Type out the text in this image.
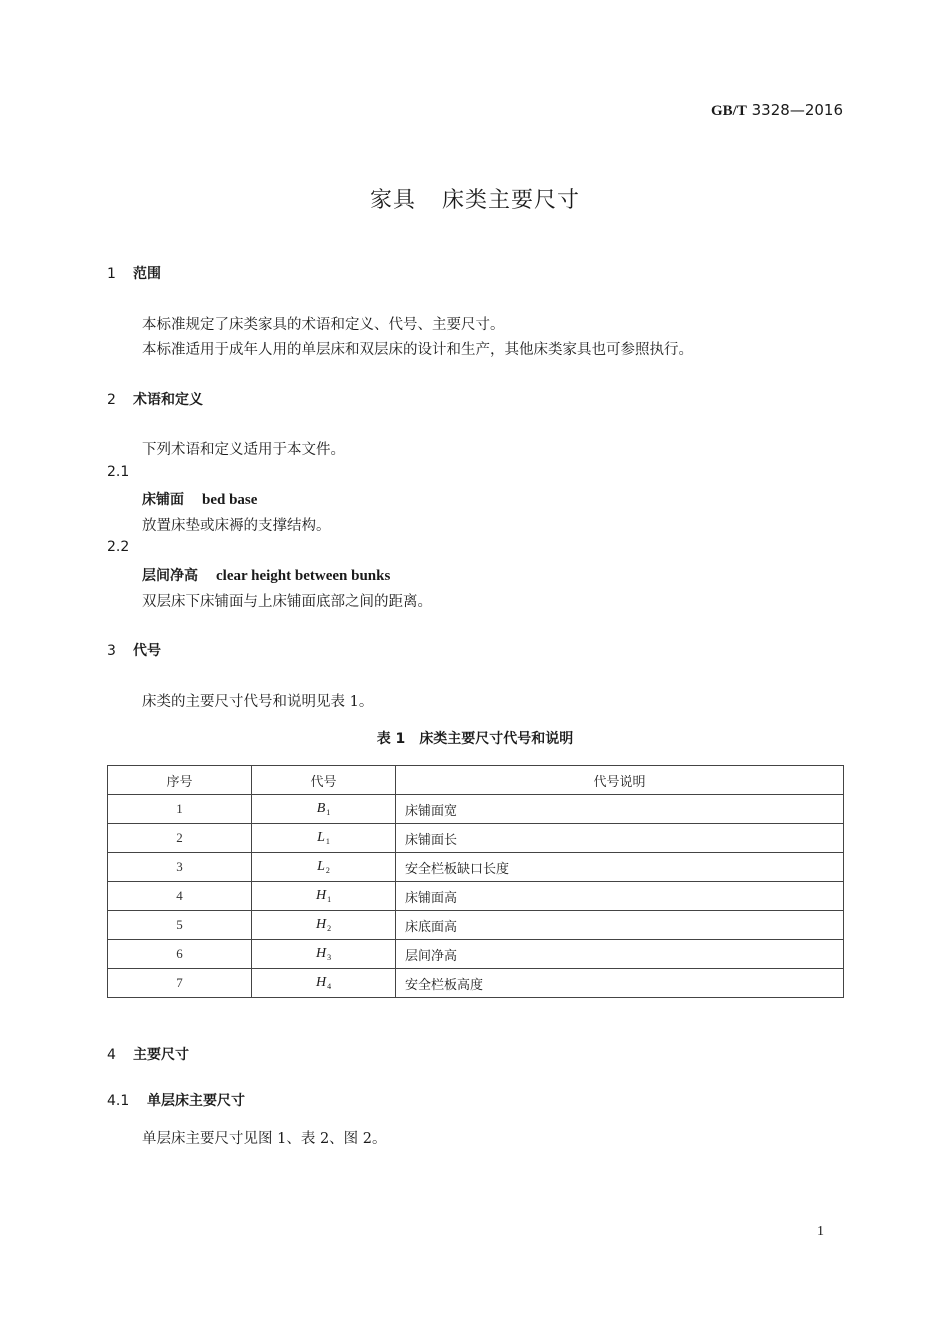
GB/T 3328—2016
家具 床类主要尺寸
1 范围
本标准规定了床类家具的术语和定义、代号、主要尺寸。
本标准适用于成年人用的单层床和双层床的设计和生产，其他床类家具也可参照执行。
2 术语和定义
下列术语和定义适用于本文件。
2.1
床铺面 bed base
放置床垫或床褥的支撑结构。
2.2
层间净高 clear height between bunks
双层床下床铺面与上床铺面底部之间的距离。
3 代号
床类的主要尺寸代号和说明见表 1。
表 1 床类主要尺寸代号和说明
序号	代号	代号说明
1	$B_1$	床铺面宽
2	$L_1$	床铺面长
3	$L_2$	安全栏板缺口长度
4	$H_1$	床铺面高
5	$H_2$	床底面高
6	$H_3$	层间净高
7	$H_4$	安全栏板高度
4 主要尺寸
4.1 单层床主要尺寸
单层床主要尺寸见图 1、表 2、图 2。
1
